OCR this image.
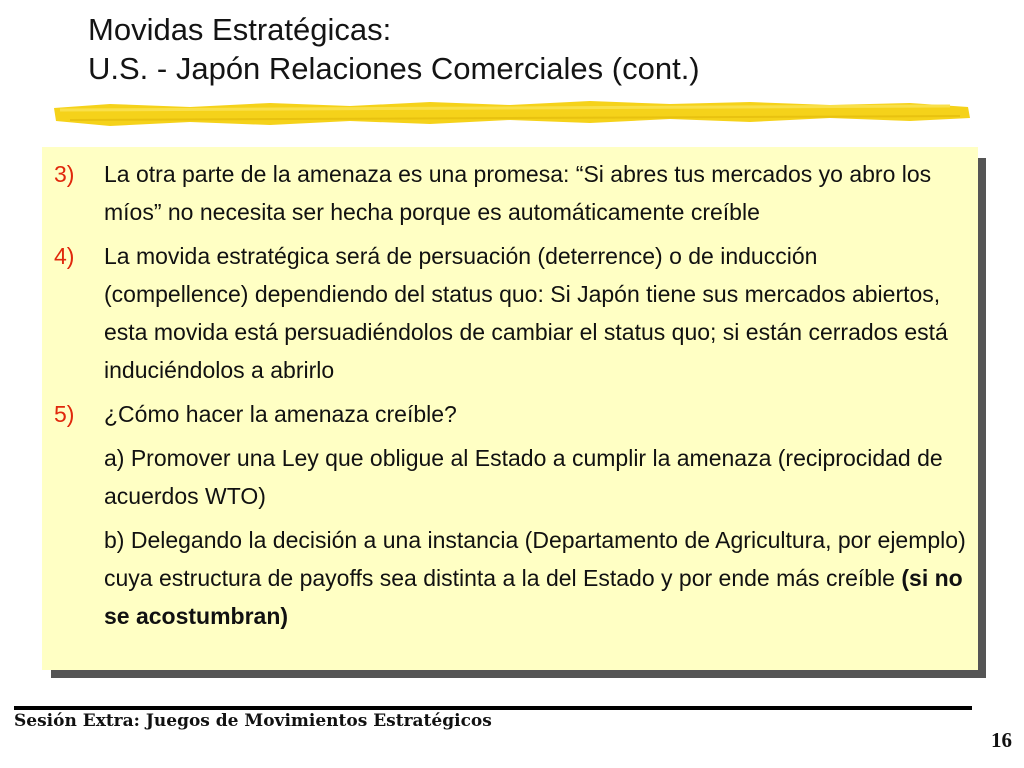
Movidas Estratégicas:
U.S. - Japón Relaciones Comerciales (cont.)
3) La otra parte de la amenaza es una promesa: “Si abres tus mercados yo abro los míos” no necesita ser hecha porque es automáticamente creíble
4) La movida estratégica será de persuación (deterrence) o de inducción (compellence) dependiendo del status quo: Si Japón tiene sus mercados abiertos, esta movida está persuadiéndolos de cambiar el status quo; si están cerrados está induciéndolos a abrirlo
5) ¿Cómo hacer la amenaza creíble?
a) Promover una Ley que obligue al Estado a cumplir la amenaza (reciprocidad de acuerdos WTO)
b) Delegando la decisión a una instancia (Departamento de Agricultura, por ejemplo) cuya estructura de payoffs sea distinta a la del Estado y por ende más creíble (si no se acostumbran)
Sesión Extra: Juegos de Movimientos Estratégicos
16
